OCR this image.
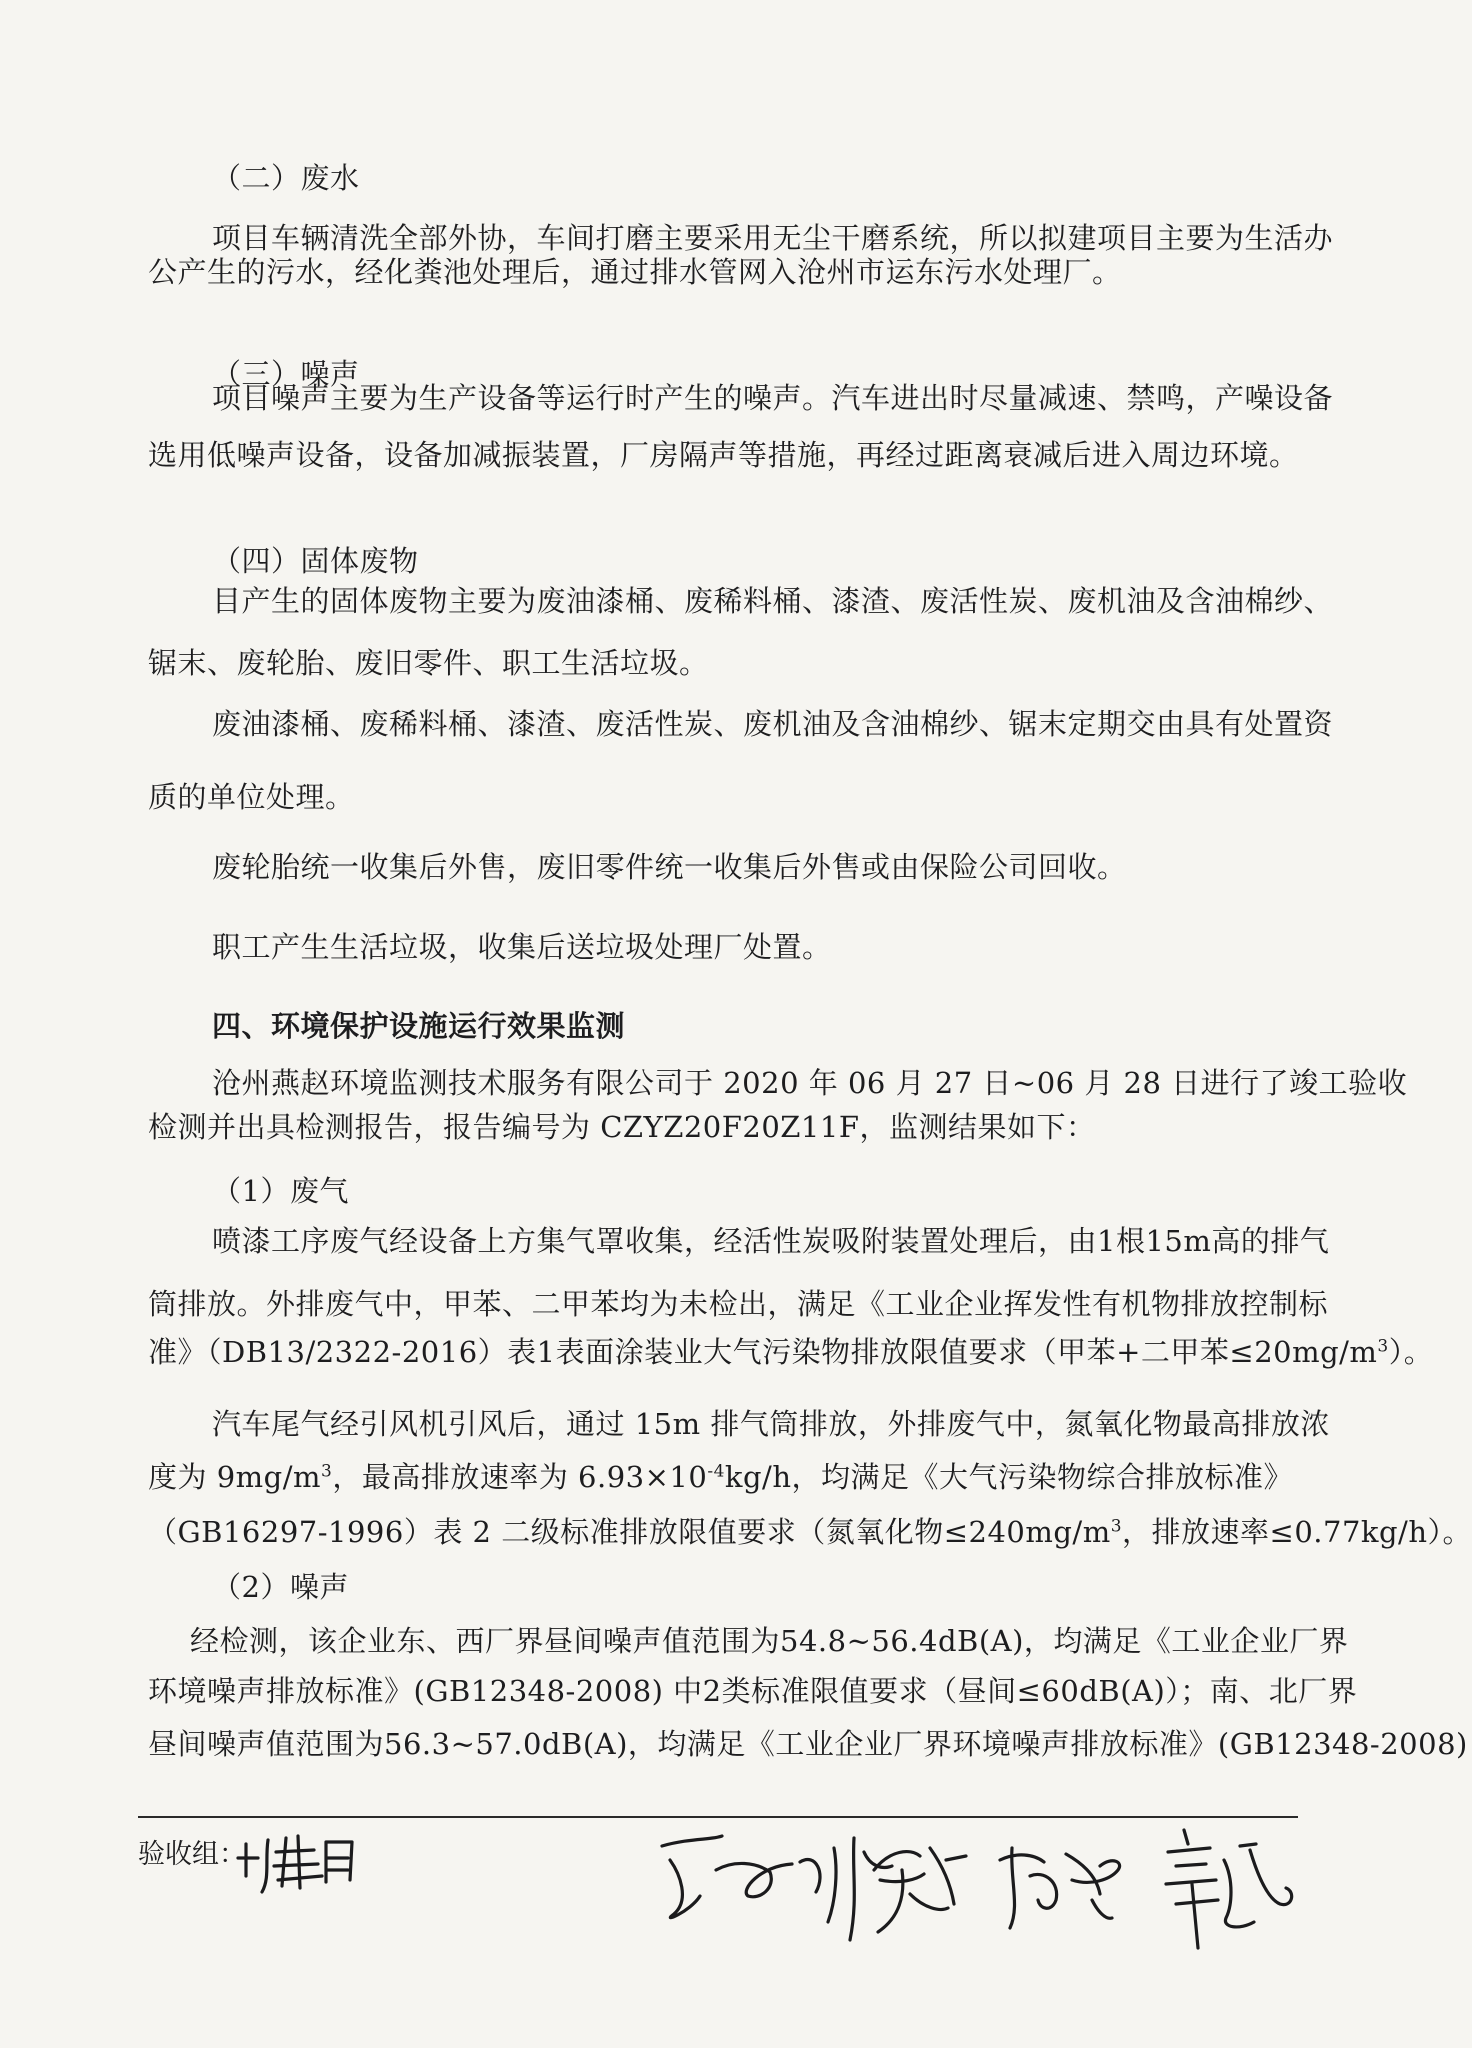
（二）废水
项目车辆清洗全部外协，车间打磨主要采用无尘干磨系统，所以拟建项目主要为生活办
公产生的污水，经化粪池处理后，通过排水管网入沧州市运东污水处理厂。
（三）噪声
项目噪声主要为生产设备等运行时产生的噪声。汽车进出时尽量减速、禁鸣，产噪设备
选用低噪声设备，设备加减振装置，厂房隔声等措施，再经过距离衰减后进入周边环境。
（四）固体废物
目产生的固体废物主要为废油漆桶、废稀料桶、漆渣、废活性炭、废机油及含油棉纱、
锯末、废轮胎、废旧零件、职工生活垃圾。
废油漆桶、废稀料桶、漆渣、废活性炭、废机油及含油棉纱、锯末定期交由具有处置资
质的单位处理。
废轮胎统一收集后外售，废旧零件统一收集后外售或由保险公司回收。
职工产生生活垃圾，收集后送垃圾处理厂处置。
四、环境保护设施运行效果监测
沧州燕赵环境监测技术服务有限公司于 2020 年 06 月 27 日~06 月 28 日进行了竣工验收
检测并出具检测报告，报告编号为 CZYZ20F20Z11F，监测结果如下：
（1）废气
喷漆工序废气经设备上方集气罩收集，经活性炭吸附装置处理后，由1根15m高的排气
筒排放。外排废气中，甲苯、二甲苯均为未检出，满足《工业企业挥发性有机物排放控制标
准》（DB13/2322-2016）表1表面涂装业大气污染物排放限值要求（甲苯+二甲苯$\le 20mg/m^3$）。
汽车尾气经引风机引风后，通过 15m 排气筒排放，外排废气中，氮氧化物最高排放浓
度为 $9mg/m^3$，最高排放速率为 $6.93\times 10^{-4}kg/h$，均满足《大气污染物综合排放标准》
（GB16297-1996）表 2 二级标准排放限值要求（氮氧化物$\le 240mg/m^3$，排放速率≤0.77kg/h）。
（2）噪声
经检测，该企业东、西厂界昼间噪声值范围为54.8~56.4dB(A)，均满足《工业企业厂界
环境噪声排放标准》(GB12348-2008) 中2类标准限值要求（昼间≤60dB(A)）；南、北厂界
昼间噪声值范围为56.3~57.0dB(A)，均满足《工业企业厂界环境噪声排放标准》(GB12348-2008)
验收组：
